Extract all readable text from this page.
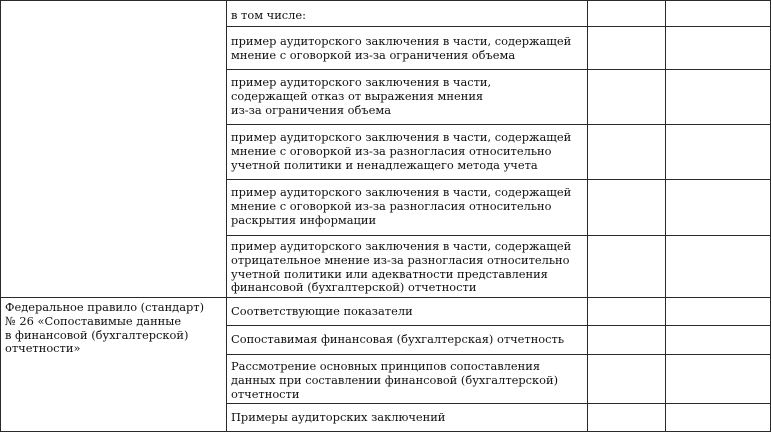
	в том числе:		

	пример аудиторского заключения в части, содержащей
мнение с оговоркой из-за ограничения объема		

	пример аудиторского заключения в части,
содержащей отказ от выражения мнения
из-за ограничения объема		

	пример аудиторского заключения в части, содержащей
мнение с оговоркой из-за разногласия относительно
учетной политики и ненадлежащего метода учета		

	пример аудиторского заключения в части, содержащей
мнение с оговоркой из-за разногласия относительно
раскрытия информации		

	пример аудиторского заключения в части, содержащей
отрицательное мнение из-за разногласия относительно
учетной политики или адекватности представления
финансовой (бухгалтерской) отчетности		

Федеральное правило (стандарт)
№ 26 «Сопоставимые данные
в финансовой (бухгалтерской)
отчетности»	Соответствующие показатели		

	Сопоставимая финансовая (бухгалтерская) отчетность		

	Рассмотрение основных принципов сопоставления
данных при составлении финансовой (бухгалтерской)
отчетности		

	Примеры аудиторских заключений		
